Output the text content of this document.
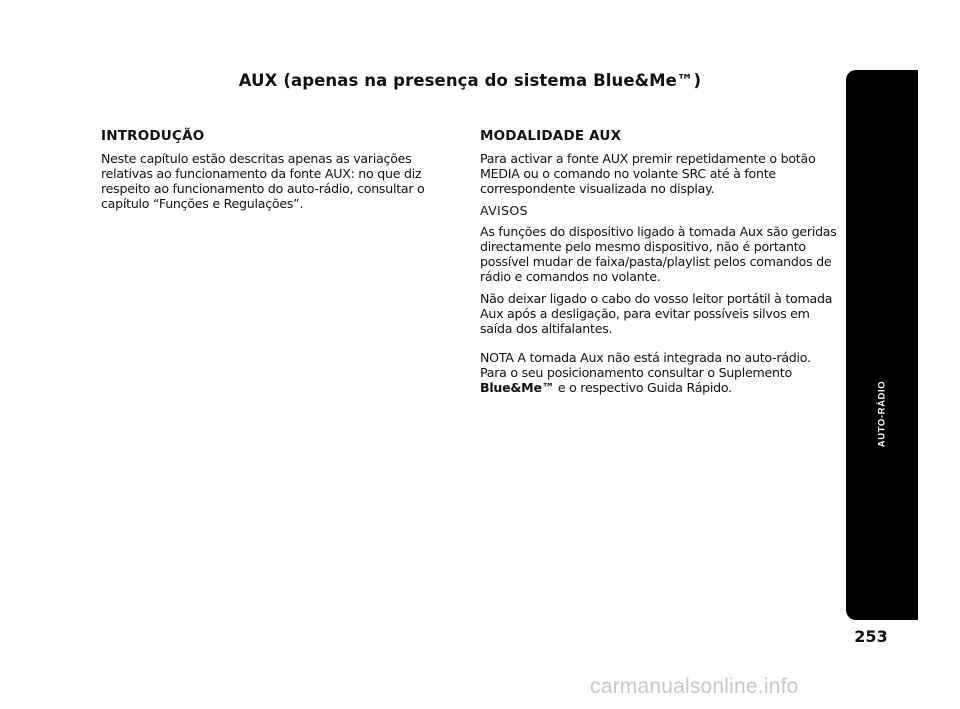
AUX (apenas na presença do sistema Blue&Me™)
INTRODUÇÃO

Neste capítulo estão descritas apenas as variações relativas ao funcionamento da fonte AUX: no que diz respeito ao funcionamento do auto-rádio, consultar o capítulo “Funções e Regulações”.

MODALIDADE AUX

Para activar a fonte AUX premir repetidamente o botão MEDIA ou o comando no volante SRC até à fonte correspondente visualizada no display.

AVISOS

As funções do dispositivo ligado à tomada Aux são geridas directamente pelo mesmo dispositivo, não é portanto possível mudar de faixa/pasta/playlist pelos comandos de rádio e comandos no volante.

Não deixar ligado o cabo do vosso leitor portátil à tomada Aux após a desligação, para evitar possíveis silvos em saída dos altifalantes.

NOTA A tomada Aux não está integrada no auto-rádio. Para o seu posicionamento consultar o Suplemento Blue&Me™ e o respectivo Guida Rápido.	AUTO-RÁDIO
253
carmanualsonline.info
